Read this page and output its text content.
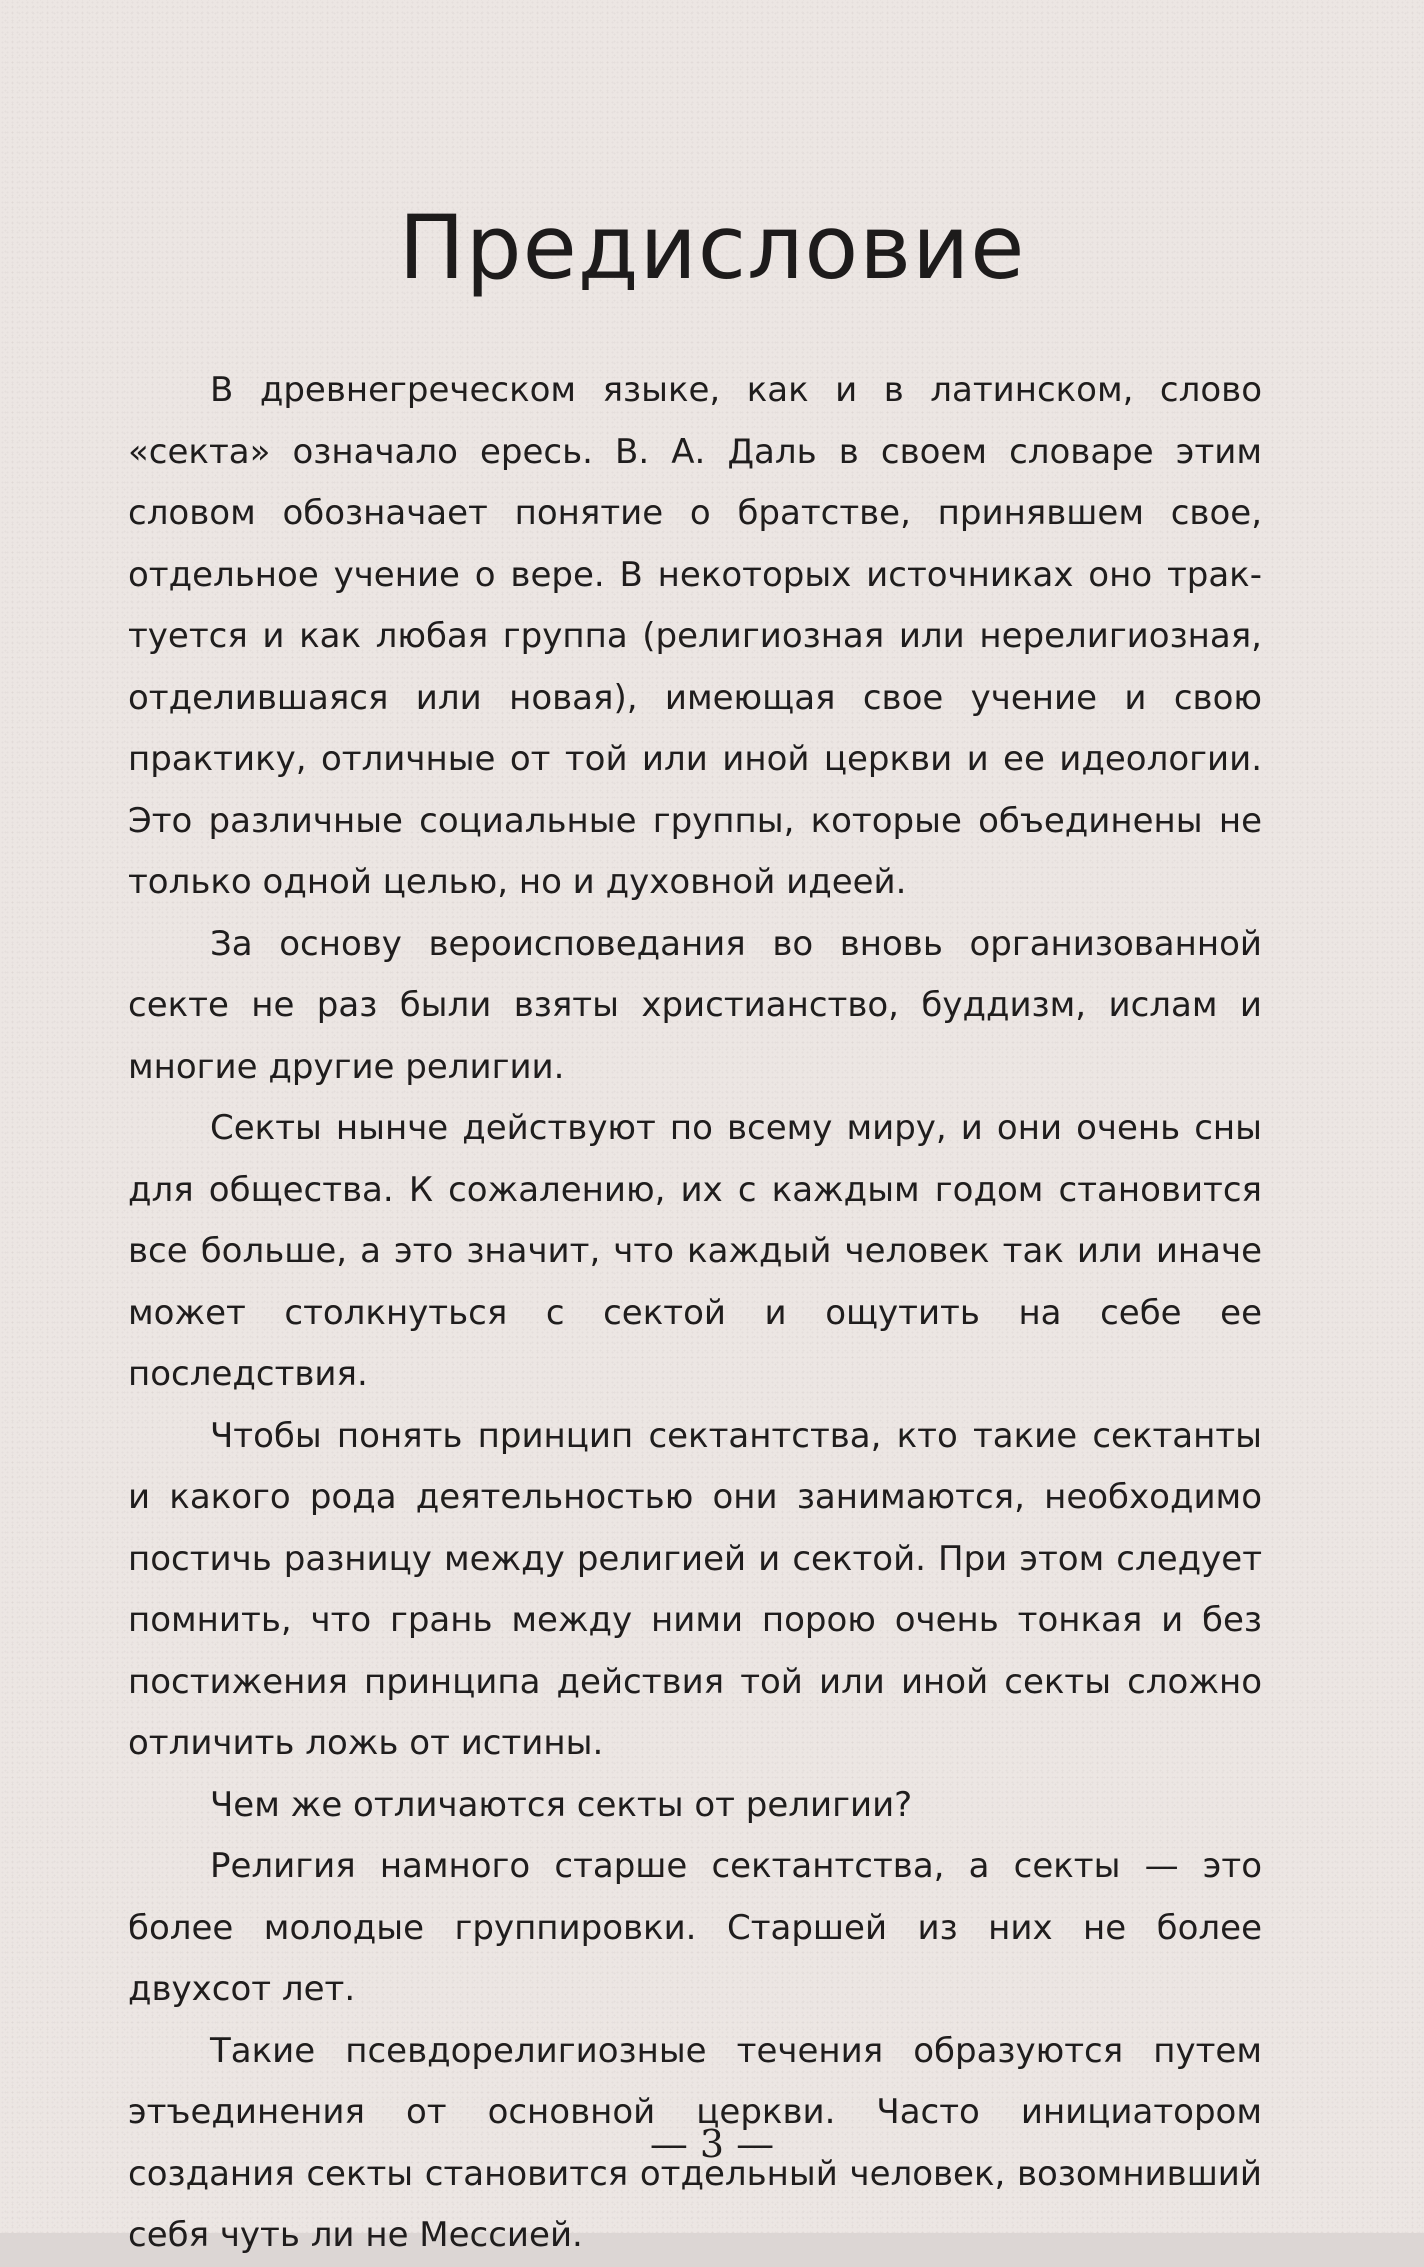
Предисловие

В древнегреческом языке, как и в латинском, слово «секта» означало ересь. В. А. Даль в своем словаре этим словом обозначает понятие о братстве, принявшем свое, отдельное учение о вере. В некоторых источниках оно трактуется и как любая группа (религиозная или нерелигиозная, отделившаяся или новая), имеющая свое учение и свою практику, отличные от той или иной церкви и ее идеологии. Это различные социальные группы, которые объединены не только одной целью, но и духовной идеей.

За основу вероисповедания во вновь организованной секте не раз были взяты христианство, буддизм, ислам и многие другие религии.

Секты нынче действуют по всему миру, и они очень сны для общества. К сожалению, их с каждым годом становится все больше, а это значит, что каждый человек так или иначе может столкнуться с сектой и ощутить на себе ее последствия.

Чтобы понять принцип сектантства, кто такие сектанты и какого рода деятельностью они занимаются, необходимо постичь разницу между религией и сектой. При этом следует помнить, что грань между ними порою очень тонкая и без постижения принципа действия той или иной секты сложно отличить ложь от истины.

Чем же отличаются секты от религии?

Религия намного старше сектантства, а секты — это более молодые группировки. Старшей из них не более двухсот лет.

Такие псевдорелигиозные течения образуются путем этъединения от основной церкви. Часто инициатором создания секты становится отдельный человек, возомнивший себя чуть ли не Мессией.

— 3 —
